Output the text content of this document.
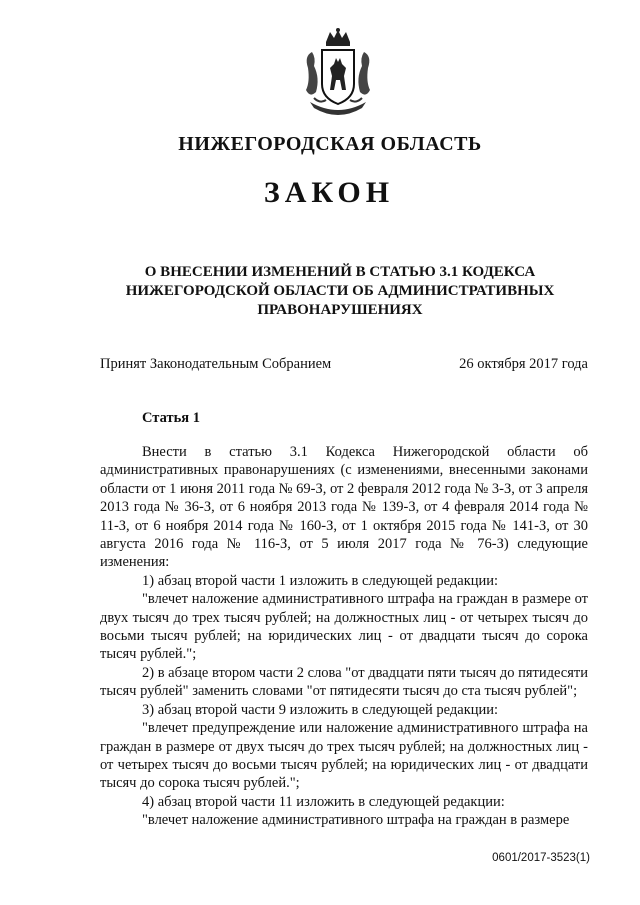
НИЖЕГОРОДСКАЯ ОБЛАСТЬ
ЗАКОН
О ВНЕСЕНИИ ИЗМЕНЕНИЙ В СТАТЬЮ 3.1 КОДЕКСА НИЖЕГОРОДСКОЙ ОБЛАСТИ ОБ АДМИНИСТРАТИВНЫХ ПРАВОНАРУШЕНИЯХ
Принят Законодательным Собранием	26 октября 2017 года
Статья 1

Внести в статью 3.1 Кодекса Нижегородской области об административных правонарушениях (с изменениями, внесенными законами области от 1 июня 2011 года № 69-З, от 2 февраля 2012 года № 3-З, от 3 апреля 2013 года № 36-З, от 6 ноября 2013 года № 139-З, от 4 февраля 2014 года № 11-З, от 6 ноября 2014 года № 160-З, от 1 октября 2015 года № 141-З, от 30 августа 2016 года № 116-З, от 5 июля 2017 года № 76-З) следующие изменения:

1) абзац второй части 1 изложить в следующей редакции:

"влечет наложение административного штрафа на граждан в размере от двух тысяч до трех тысяч рублей; на должностных лиц - от четырех тысяч до восьми тысяч рублей; на юридических лиц - от двадцати тысяч до сорока тысяч рублей.";

2) в абзаце втором части 2 слова "от двадцати пяти тысяч до пятидесяти тысяч рублей" заменить словами "от пятидесяти тысяч до ста тысяч рублей";

3) абзац второй части 9 изложить в следующей редакции:

"влечет предупреждение или наложение административного штрафа на граждан в размере от двух тысяч до трех тысяч рублей; на должностных лиц - от четырех тысяч до восьми тысяч рублей; на юридических лиц - от двадцати тысяч до сорока тысяч рублей.";

4) абзац второй части 11 изложить в следующей редакции:

"влечет наложение административного штрафа на граждан в размере

0601/2017-3523(1)
